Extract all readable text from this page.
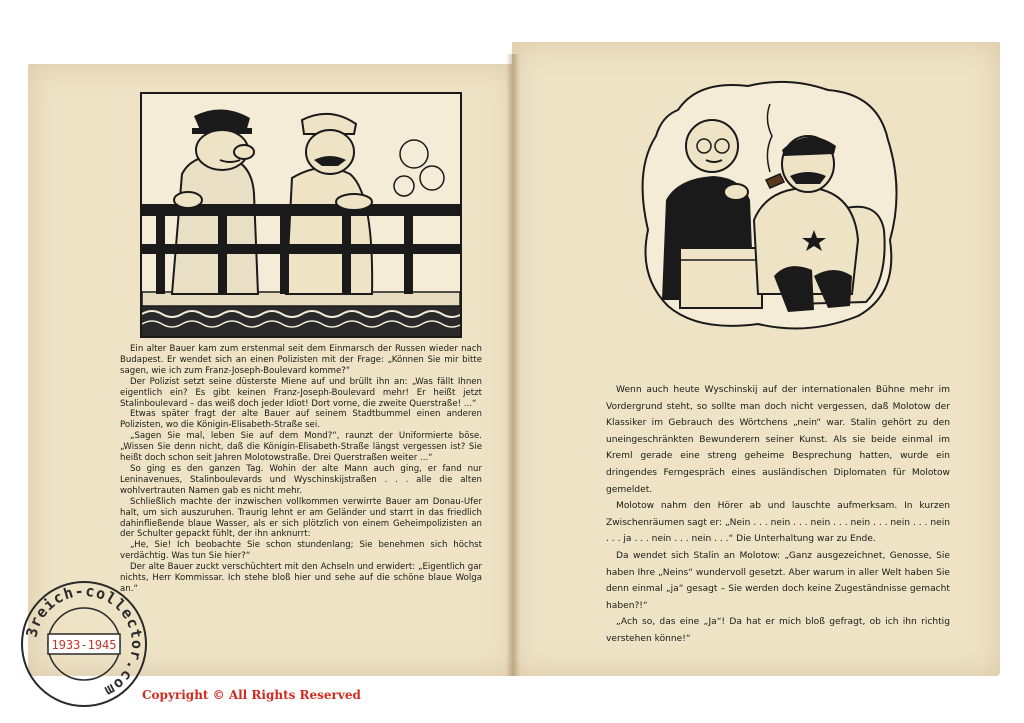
Ein alter Bauer kam zum erstenmal seit dem Einmarsch der Russen wieder nach Budapest. Er wendet sich an einen Polizisten mit der Frage: „Können Sie mir bitte sagen, wie ich zum Franz-Joseph-Boulevard komme?“

Der Polizist setzt seine düsterste Miene auf und brüllt ihn an: „Was fällt Ihnen eigentlich ein? Es gibt keinen Franz-Joseph-Boulevard mehr! Er heißt jetzt Stalinboulevard – das weiß doch jeder Idiot! Dort vorne, die zweite Querstraße! ...“

Etwas später fragt der alte Bauer auf seinem Stadtbummel einen anderen Polizisten, wo die Königin-Elisabeth-Straße sei.

„Sagen Sie mal, leben Sie auf dem Mond?“, raunzt der Uniformierte böse. „Wissen Sie denn nicht, daß die Königin-Elisabeth-Straße längst vergessen ist? Sie heißt doch schon seit Jahren Molotowstraße. Drei Querstraßen weiter ...“

So ging es den ganzen Tag. Wohin der alte Mann auch ging, er fand nur Leninavenues, Stalinboulevards und Wyschinskijstraßen . . . alle die alten wohlvertrauten Namen gab es nicht mehr.

Schließlich machte der inzwischen vollkommen verwirrte Bauer am Donau-Ufer halt, um sich auszuruhen. Traurig lehnt er am Geländer und starrt in das friedlich dahinfließende blaue Wasser, als er sich plötzlich von einem Geheimpolizisten an der Schulter gepackt fühlt, der ihn anknurrt:

„He, Sie! Ich beobachte Sie schon stundenlang; Sie benehmen sich höchst verdächtig. Was tun Sie hier?“

Der alte Bauer zuckt verschüchtert mit den Achseln und erwidert: „Eigentlich gar nichts, Herr Kommissar. Ich stehe bloß hier und sehe auf die schöne blaue Wolga an.“

Wenn auch heute Wyschinskij auf der internationalen Bühne mehr im Vordergrund steht, so sollte man doch nicht vergessen, daß Molotow der Klassiker im Gebrauch des Wörtchens „nein“ war. Stalin gehört zu den uneingeschränkten Bewunderern seiner Kunst. Als sie beide einmal im Kreml gerade eine streng geheime Besprechung hatten, wurde ein dringendes Ferngespräch eines ausländischen Diplomaten für Molotow gemeldet.

Molotow nahm den Hörer ab und lauschte aufmerksam. In kurzen Zwischenräumen sagt er: „Nein . . . nein . . . nein . . . nein . . . nein . . . nein . . . ja . . . nein . . . nein . . .“ Die Unterhaltung war zu Ende.

Da wendet sich Stalin an Molotow: „Ganz ausgezeichnet, Genosse, Sie haben Ihre „Neins“ wundervoll gesetzt. Aber warum in aller Welt haben Sie denn einmal „ja“ gesagt – Sie werden doch keine Zugeständnisse gemacht haben?!“

„Ach so, das eine „Ja“! Da hat er mich bloß gefragt, ob ich ihn richtig verstehen könne!“

3reich-collector.com
1933-1945
Copyright © All Rights Reserved
